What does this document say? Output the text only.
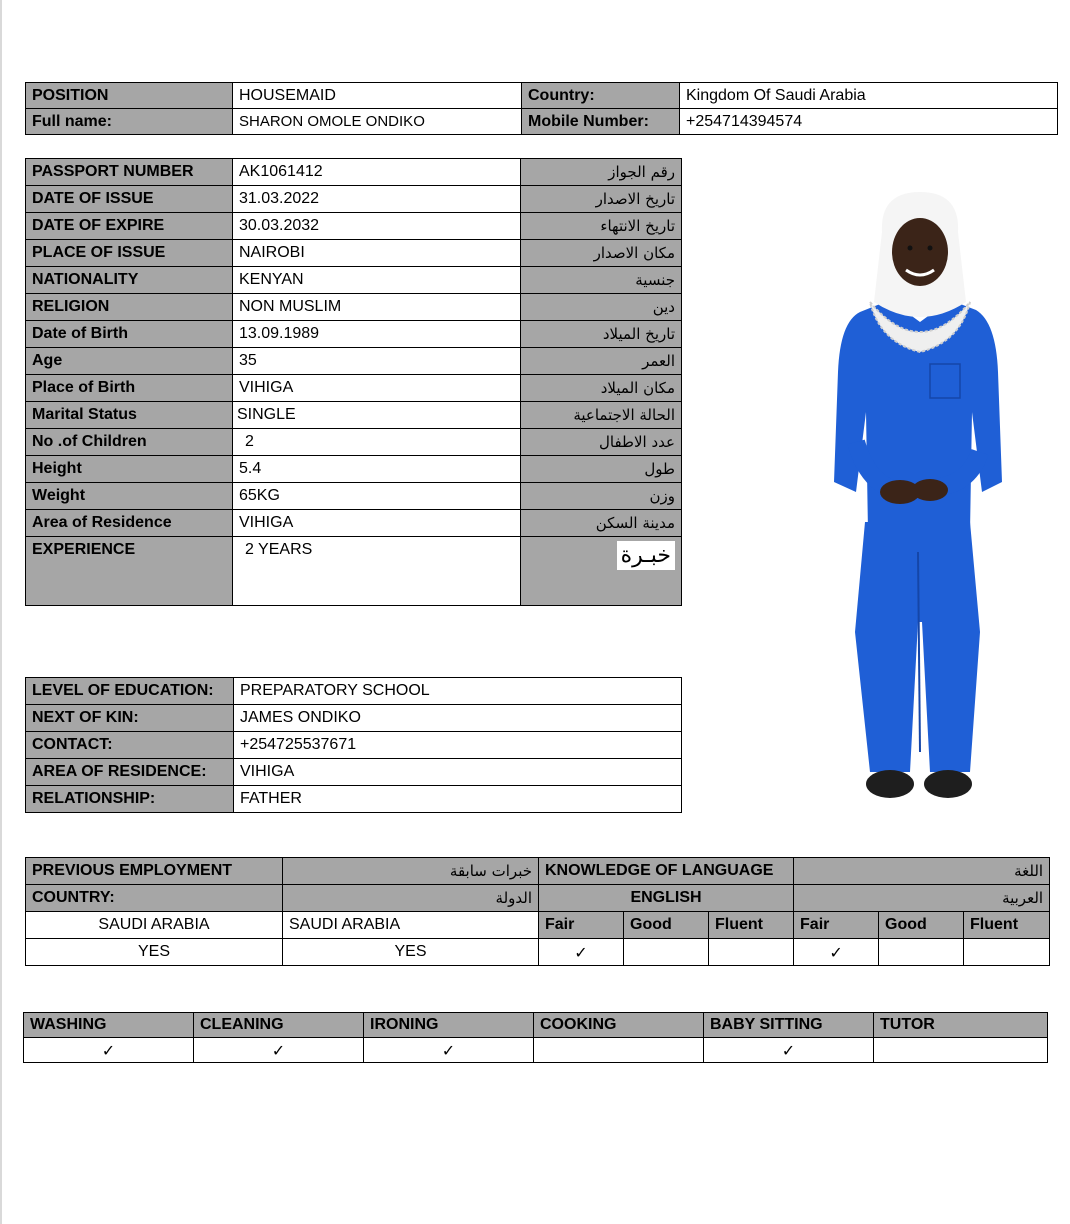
POSITION	HOUSEMAID	Country:	Kingdom Of Saudi Arabia
Full name:	SHARON OMOLE ONDIKO	Mobile Number:	+254714394574
PASSPORT NUMBER	AK1061412	رقم الجواز
DATE OF ISSUE	31.03.2022	تاريخ الاصدار
DATE OF EXPIRE	30.03.2032	تاريخ الانتهاء
PLACE OF ISSUE	NAIROBI	مكان الاصدار
NATIONALITY	KENYAN	جنسية
RELIGION	NON MUSLIM	دين
Date of Birth	13.09.1989	تاريخ الميلاد
Age	35	العمر
Place of Birth	VIHIGA	مكان الميلاد
Marital Status	SINGLE	الحالة الاجتماعية
No .of Children	2	عدد الاطفال
Height	5.4	طول
Weight	65KG	وزن
Area of Residence	VIHIGA	مدينة السكن
EXPERIENCE	2 YEARS	خبـرة
LEVEL OF EDUCATION:	PREPARATORY SCHOOL
NEXT OF KIN:	JAMES ONDIKO
CONTACT:	+254725537671
AREA OF RESIDENCE:	VIHIGA
RELATIONSHIP:	FATHER
PREVIOUS EMPLOYMENT	خبرات سابقة	KNOWLEDGE OF LANGUAGE			اللغة		
COUNTRY:	الدولة	ENGLISH			العربية		
SAUDI ARABIA	SAUDI ARABIA	Fair	Good	Fluent	Fair	Good	Fluent
YES	YES	✓			✓		
WASHING	CLEANING	IRONING	COOKING	BABY SITTING	TUTOR
✓	✓	✓		✓	
